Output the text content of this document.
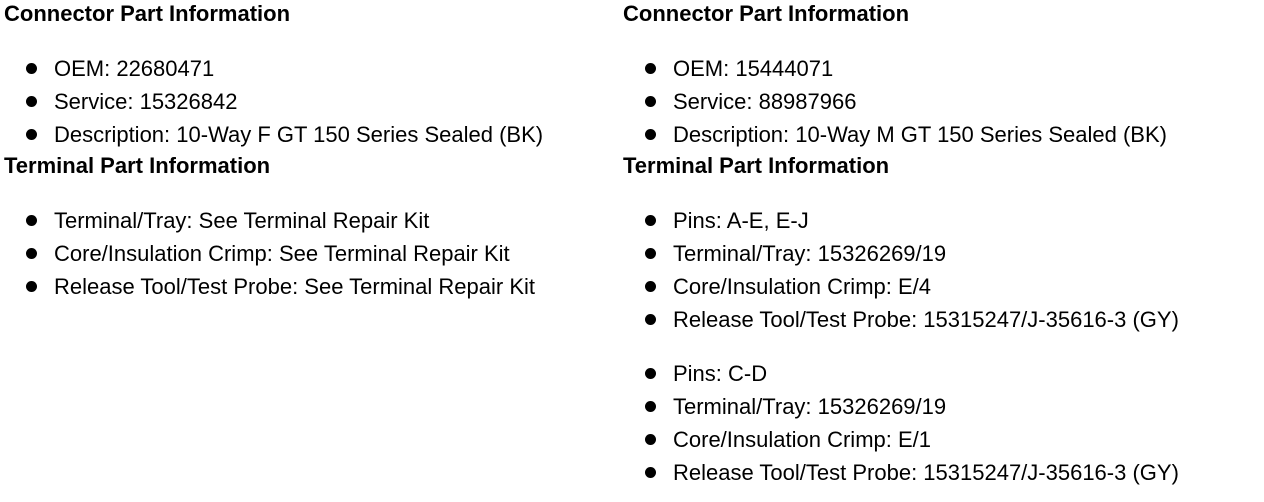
Connector Part Information
OEM: 22680471
Service: 15326842
Description: 10-Way F GT 150 Series Sealed (BK)
Terminal Part Information
Terminal/Tray: See Terminal Repair Kit
Core/Insulation Crimp: See Terminal Repair Kit
Release Tool/Test Probe: See Terminal Repair Kit
Connector Part Information
OEM: 15444071
Service: 88987966
Description: 10-Way M GT 150 Series Sealed (BK)
Terminal Part Information
Pins: A-E, E-J
Terminal/Tray: 15326269/19
Core/Insulation Crimp: E/4
Release Tool/Test Probe: 15315247/J-35616-3 (GY)
Pins: C-D
Terminal/Tray: 15326269/19
Core/Insulation Crimp: E/1
Release Tool/Test Probe: 15315247/J-35616-3 (GY)
